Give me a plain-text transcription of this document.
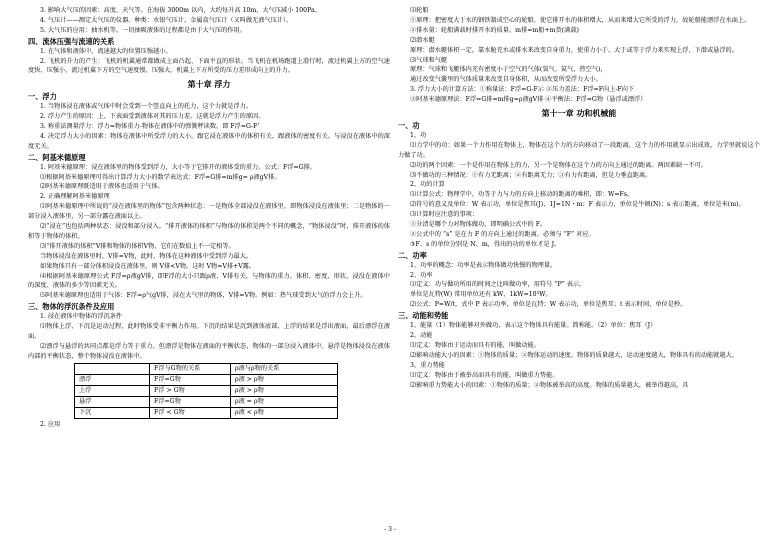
3. 影响大气压的因素：高度、天气等。在海拔 3000m 以内，大约每升高 10m，大气压减小 100Pa。

4. 气压计——测定大气压的仪器。种类：水银气压计、金属盒气压计（又叫做无液气压计）。

5. 大气压的应用：抽水机等。一切抽吸液体的过程都是由于大气压的作用。

四、流体压强与流速的关系

1. 在气体和液体中，流速越大的位置压强越小。

2. 飞机的升力的产生：飞机的机翼通常都做成上面凸起、下面平直的形状。当飞机在机场跑道上滑行时，流过机翼上方的空气速度快、压强小，流过机翼下方的空气速度慢、压强大。机翼上下方所受的压力差形成向上的升力。

第十章 浮力

一、浮力

1. 当物体浸在液体或气体中时会受到一个竖直向上的托力，这个力就是浮力。

2. 浮力产生的原因：上、下表面受到液体对其的压力差。这就是浮力产生的原因。

3. 称重法测量浮力：浮力=物体重力-物体在液体中的弹簧秤读数，即 F浮=G-F'

4. 决定浮力大小的因素：物体在液体中所受浮力的大小，跟它浸在液体中的体积有关，跟液体的密度有关。与浸没在液体中的深度无关。

二、阿基米德原理

1. 阿基米德原理：浸在液体里的物体受到浮力，大小等于它排开的液体受的重力。公式：F浮=G排。

⑴根据阿基米德原理可得出计算浮力大小的数学表达式：F浮=G排=m排g= ρ液gV排。

⑵阿基米德原理既适用于液体也适用于气体。

2. 正确理解阿基米德原理

⑴阿基米德原理中所说的“浸在液体里的物体”包含两种状态：一是物体全部浸没在液体里，即物体浸没在液体里；二是物体的一部分浸入液体里，另一部分露在液面以上。

⑵“浸在”也包括两种状态：浸没和部分浸入。“排开液体的体积”与物体的体积是两个不同的概念，“物体浸没”时，排开液体的体积等于物体的体积。

⑶“排开液体的体积”V排和物体的体积V物，它们在数值上不一定相等。

当物体浸没在液体里时，V排=V物，此时，物体在这种液体中受到浮力最大。

如果物体只有一部分体积浸没在液体里，则 V排<V物，这时 V物=V排+V露。

⑷根据阿基米德原理公式 F浮=ρ液gV排，即F浮的大小只跟ρ液、V排有关，与物体的重力、体积、密度、形状、浸没在液体中的深度、液体的多少等因素无关。

⑸阿基米德原理也适用于气体：F浮=ρ气gV排，浸在大气里的物体，V排=V物。例如：热气球受到大气的浮力会上升。

三、物体的浮沉条件及应用

1. 浸在液体中物体的浮沉条件

⑴物体上浮、下沉是运动过程，此时物体受非平衡力作用。下沉的结果是沉到液体底部，上浮的结果是浮出液面，最后漂浮在液面。

⑵漂浮与悬浮的共同点都是浮力等于重力。但漂浮是物体在液面的平衡状态，物体的一部分浸入液体中。悬浮是物体浸没在液体内部的平衡状态，整个物体浸没在液体中。

	F浮与G物的关系	ρ液与ρ物的关系
漂浮	F浮=G物	ρ液 > ρ物
上浮	F浮 > G物	ρ液 > ρ物
悬浮	F浮=G物	ρ液 = ρ物
下沉	F浮 < G物	ρ液 < ρ物

2. 应用

⑴轮船

①原理：把密度大于水的钢铁制成空心的轮船，使它排开水的体积增大，从而来增大它所受的浮力，故轮船能漂浮在水面上。

②排水量：轮船满载时排开水的质量。m排=m船+m货(满载)

⑵潜水艇

原理：潜水艇体积一定，靠水舱充水或排水来改变自身重力，使重力小于、大于或等于浮力来实现上浮、下潜或悬浮的。

⑶气球和气艇

原理：气球和飞艇体内充有密度小于空气的气体(氢气、氦气、热空气)，

通过改变气囊里的气体质量来改变自身体积，从而改变所受浮力大小。

3. 浮力大小的计算方法：①称量法：F浮=G-F示 ②压力差法：F浮=F向上-F向下

③阿基米德原理法：F浮=G排=m排g=ρ液gV排 ④平衡法：F浮=G物（悬浮或漂浮）

第十一章 功和机械能

一、功

1、功

⑴力学中的功：如果一个力作用在物体上，物体在这个力的方向移动了一段距离，这个力的作用就显示出成效，力学里就说这个力做了功。

⑵功的两个因素：一个是作用在物体上的力，另一个是物体在这个力的方向上通过的距离。两因素缺一不可。

⑶不做功的三种情况：①有力无距离；②有距离无力；③有力有距离，但是力垂直距离。

2、功的计算

⑴计算公式：物理学中，功等于力与力的方向上移动的距离的乘积，即：W=Fs。

⑵符号的意义及单位：W 表示功，单位是焦耳(J)，1J=1N・m；F 表示力，单位是牛顿(N)；s 表示距离，单位是米(m)。

⑶计算时应注意的事项：

①分清是哪个力对物体做功，即明确公式中的 F。

②公式中的 “s” 是在力 F 的方向上通过的距离，必须与 “F” 对应。

③F、s 的单位分别是 N、m，得出的功的单位才是 J。

二、功率

1、功率的概念：功率是表示物体做功快慢的物理量。

2、功率

⑴定义：功与做功所用的时间之比叫做功率，用符号 “P” 表示。

单位是瓦特(W) 常用单位还有 kW，1kW=10³W。

⑵公式：P=W/t，式中 P 表示功率，单位是瓦特；W 表示功，单位是焦耳；t 表示时间，单位是秒。

三、动能和势能

1、能量（1）物体能够对外做功，表示这个物体具有能量。简称能。（2）单位：焦耳（J）

2、动能

⑴定义：物体由于运动而具有的能，叫做动能。

⑵影响动能大小的因素：①物体的质量；②物体运动的速度。物体的质量越大，运动速度越大，物体具有的动能就越大。

3、重力势能

⑴定义：物体由于被举高而具有的能，叫做重力势能。

⑵影响重力势能大小的因素：①物体的质量；②物体被举高的高度。物体的质量越大，被举得越高，具

- 3 -
